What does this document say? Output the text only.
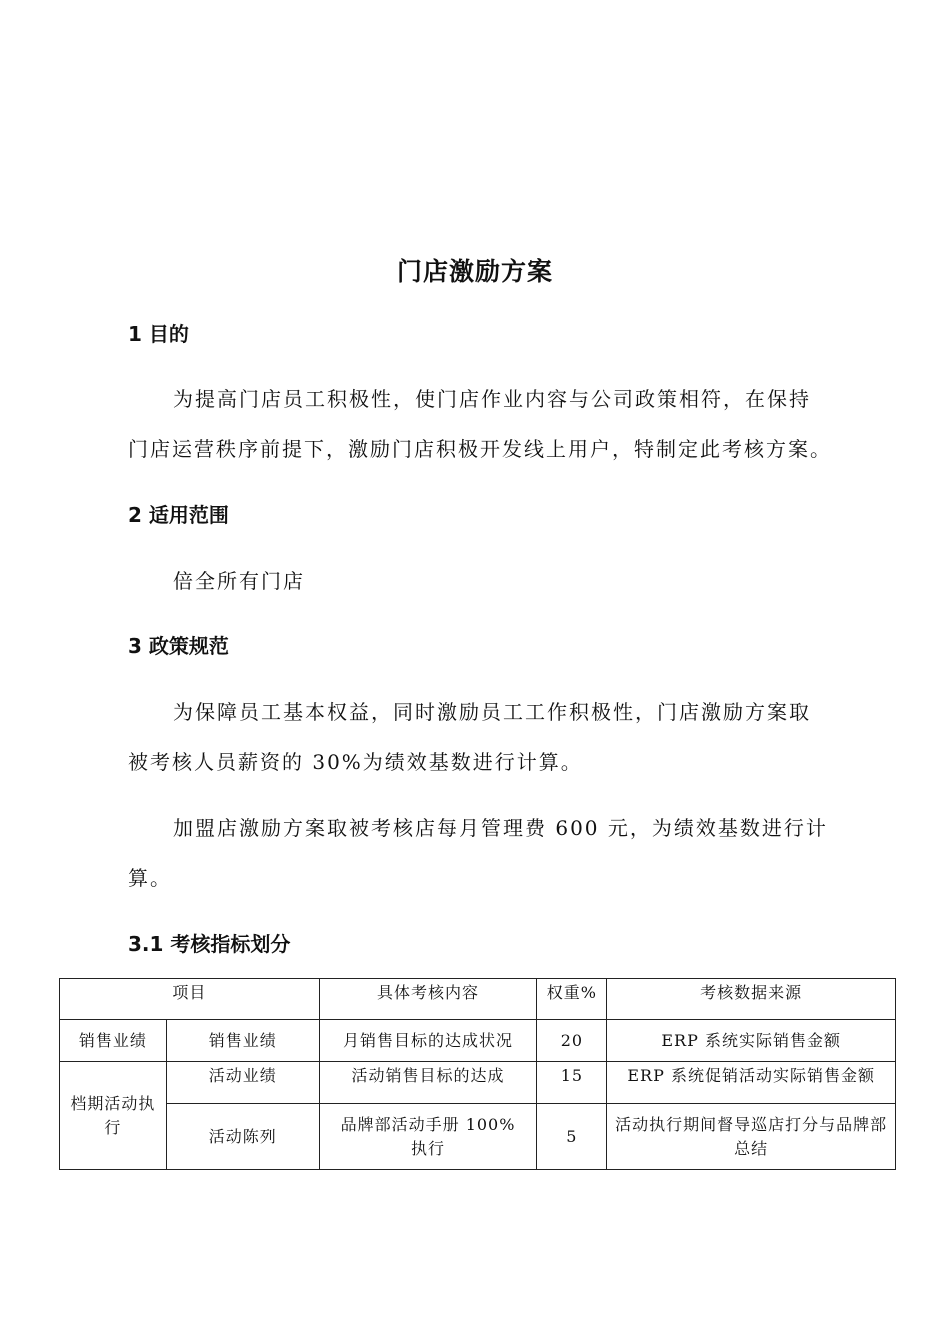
门店激励方案
1 目的
为提高门店员工积极性，使门店作业内容与公司政策相符，在保持
门店运营秩序前提下，激励门店积极开发线上用户，特制定此考核方案。
2 适用范围
倍全所有门店
3 政策规范
为保障员工基本权益，同时激励员工工作积极性，门店激励方案取
被考核人员薪资的 30%为绩效基数进行计算。
加盟店激励方案取被考核店每月管理费 600 元，为绩效基数进行计
算。
3.1 考核指标划分
项目		具体考核内容	权重%	考核数据来源
销售业绩	销售业绩	月销售目标的达成状况	20	ERP 系统实际销售金额
档期活动执行	活动业绩	活动销售目标的达成	15	ERP 系统促销活动实际销售金额
	活动陈列	品牌部活动手册 100%执行	5	活动执行期间督导巡店打分与品牌部总结
